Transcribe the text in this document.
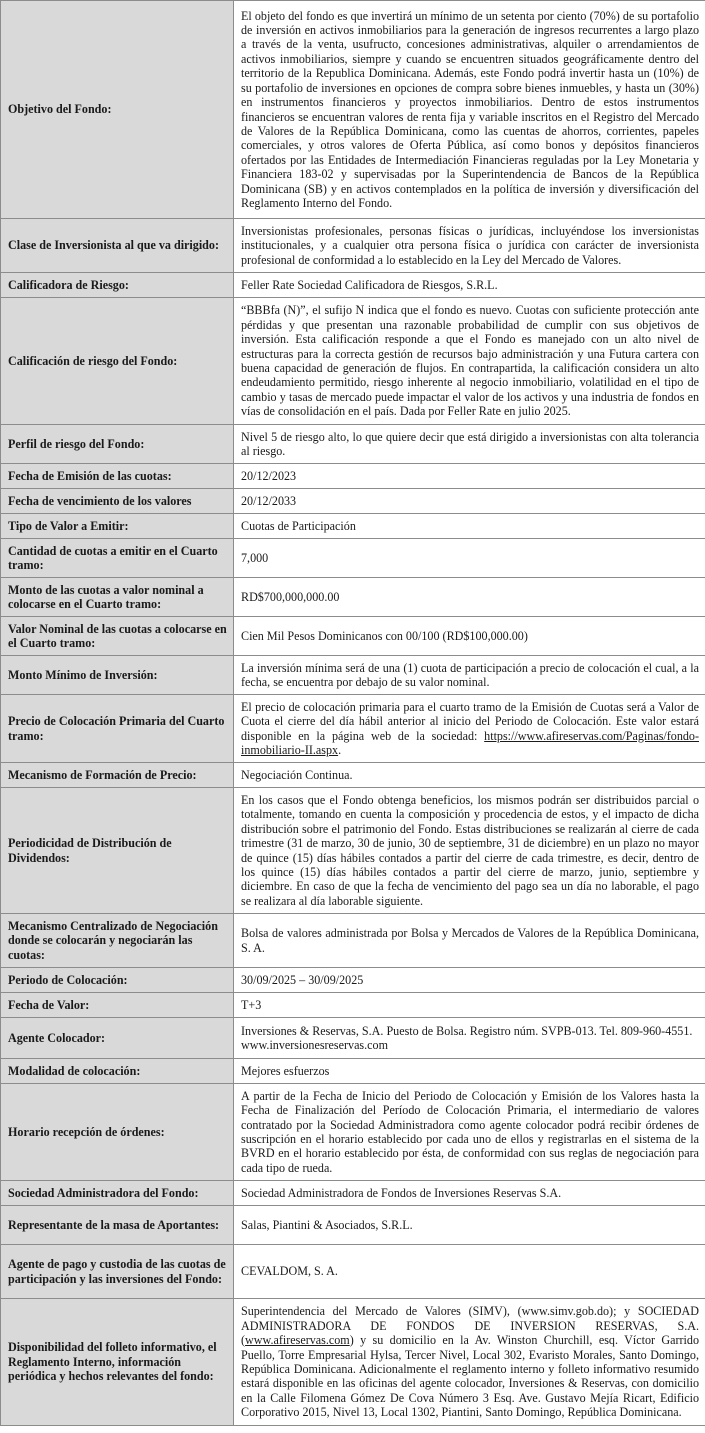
Objetivo del Fondo:	El objeto del fondo es que invertirá un mínimo de un setenta por ciento (70%) de su portafolio de inversión en activos inmobiliarios para la generación de ingresos recurrentes a largo plazo a través de la venta, usufructo, concesiones administrativas, alquiler o arrendamientos de activos inmobiliarios, siempre y cuando se encuentren situados geográficamente dentro del territorio de la Republica Dominicana. Además, este Fondo podrá invertir hasta un (10%) de su portafolio de inversiones en opciones de compra sobre bienes inmuebles, y hasta un (30%) en instrumentos financieros y proyectos inmobiliarios. Dentro de estos instrumentos financieros se encuentran valores de renta fija y variable inscritos en el Registro del Mercado de Valores de la República Dominicana, como las cuentas de ahorros, corrientes, papeles comerciales, y otros valores de Oferta Pública, así como bonos y depósitos financieros ofertados por las Entidades de Intermediación Financieras reguladas por la Ley Monetaria y Financiera 183-02 y supervisadas por la Superintendencia de Bancos de la República Dominicana (SB) y en activos contemplados en la política de inversión y diversificación del Reglamento Interno del Fondo.
Clase de Inversionista al que va dirigido:	Inversionistas profesionales, personas físicas o jurídicas, incluyéndose los inversionistas institucionales, y a cualquier otra persona física o jurídica con carácter de inversionista profesional de conformidad a lo establecido en la Ley del Mercado de Valores.
Calificadora de Riesgo:	Feller Rate Sociedad Calificadora de Riesgos, S.R.L.
Calificación de riesgo del Fondo:	“BBBfa (N)”, el sufijo N indica que el fondo es nuevo. Cuotas con suficiente protección ante pérdidas y que presentan una razonable probabilidad de cumplir con sus objetivos de inversión. Esta calificación responde a que el Fondo es manejado con un alto nivel de estructuras para la correcta gestión de recursos bajo administración y una Futura cartera con buena capacidad de generación de flujos. En contrapartida, la calificación considera un alto endeudamiento permitido, riesgo inherente al negocio inmobiliario, volatilidad en el tipo de cambio y tasas de mercado puede impactar el valor de los activos y una industria de fondos en vías de consolidación en el país. Dada por Feller Rate en julio 2025.
Perfil de riesgo del Fondo:	Nivel 5 de riesgo alto, lo que quiere decir que está dirigido a inversionistas con alta tolerancia al riesgo.
Fecha de Emisión de las cuotas:	20/12/2023
Fecha de vencimiento de los valores	20/12/2033
Tipo de Valor a Emitir:	Cuotas de Participación
Cantidad de cuotas a emitir en el Cuarto tramo:	7,000
Monto de las cuotas a valor nominal a colocarse en el Cuarto tramo:	RD$700,000,000.00
Valor Nominal de las cuotas a colocarse en el Cuarto tramo:	Cien Mil Pesos Dominicanos con 00/100 (RD$100,000.00)
Monto Mínimo de Inversión:	La inversión mínima será de una (1) cuota de participación a precio de colocación el cual, a la fecha, se encuentra por debajo de su valor nominal.
Precio de Colocación Primaria del Cuarto tramo:	El precio de colocación primaria para el cuarto tramo de la Emisión de Cuotas será a Valor de Cuota el cierre del día hábil anterior al inicio del Periodo de Colocación. Este valor estará disponible en la página web de la sociedad: https://www.afireservas.com/Paginas/fondo-inmobiliario-II.aspx.
Mecanismo de Formación de Precio:	Negociación Continua.
Periodicidad de Distribución de Dividendos:	En los casos que el Fondo obtenga beneficios, los mismos podrán ser distribuidos parcial o totalmente, tomando en cuenta la composición y procedencia de estos, y el impacto de dicha distribución sobre el patrimonio del Fondo. Estas distribuciones se realizarán al cierre de cada trimestre (31 de marzo, 30 de junio, 30 de septiembre, 31 de diciembre) en un plazo no mayor de quince (15) días hábiles contados a partir del cierre de cada trimestre, es decir, dentro de los quince (15) días hábiles contados a partir del cierre de marzo, junio, septiembre y diciembre. En caso de que la fecha de vencimiento del pago sea un día no laborable, el pago se realizara al día laborable siguiente.
Mecanismo Centralizado de Negociación donde se colocarán y negociarán las cuotas:	Bolsa de valores administrada por Bolsa y Mercados de Valores de la República Dominicana, S. A.
Periodo de Colocación:	30/09/2025 – 30/09/2025
Fecha de Valor:	T+3
Agente Colocador:	Inversiones & Reservas, S.A. Puesto de Bolsa. Registro núm. SVPB-013. Tel. 809-960-4551. www.inversionesreservas.com
Modalidad de colocación:	Mejores esfuerzos
Horario recepción de órdenes:	A partir de la Fecha de Inicio del Periodo de Colocación y Emisión de los Valores hasta la Fecha de Finalización del Período de Colocación Primaria, el intermediario de valores contratado por la Sociedad Administradora como agente colocador podrá recibir órdenes de suscripción en el horario establecido por cada uno de ellos y registrarlas en el sistema de la BVRD en el horario establecido por ésta, de conformidad con sus reglas de negociación para cada tipo de rueda.
Sociedad Administradora del Fondo:	Sociedad Administradora de Fondos de Inversiones Reservas S.A.
Representante de la masa de Aportantes:	Salas, Piantini & Asociados, S.R.L.
Agente de pago y custodia de las cuotas de participación y las inversiones del Fondo:	CEVALDOM, S. A.
Disponibilidad del folleto informativo, el Reglamento Interno, información periódica y hechos relevantes del fondo:	Superintendencia del Mercado de Valores (SIMV), (www.simv.gob.do); y SOCIEDAD ADMINISTRADORA DE FONDOS DE INVERSION RESERVAS, S.A. (www.afireservas.com) y su domicilio en la Av. Winston Churchill, esq. Víctor Garrido Puello, Torre Empresarial Hylsa, Tercer Nivel, Local 302, Evaristo Morales, Santo Domingo, República Dominicana. Adicionalmente el reglamento interno y folleto informativo resumido estará disponible en las oficinas del agente colocador, Inversiones & Reservas, con domicilio en la Calle Filomena Gómez De Cova Número 3 Esq. Ave. Gustavo Mejía Ricart, Edificio Corporativo 2015, Nivel 13, Local 1302, Piantini, Santo Domingo, República Dominicana.
